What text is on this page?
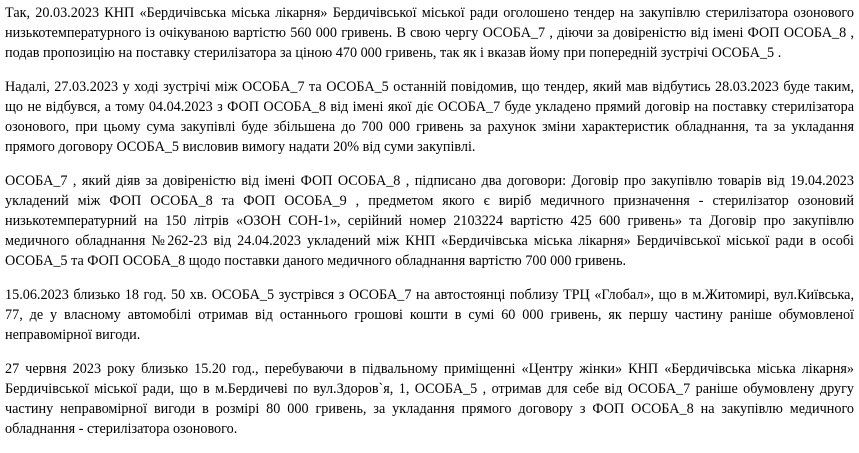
Так, 20.03.2023 КНП «Бердичівська міська лікарня» Бердичівської міської ради оголошено тендер на закупівлю стерилізатора озонового низькотемпературного із очікуваною вартістю 560 000 гривень. В свою чергу ОСОБА_7 , діючи за довіреністю від імені ФОП ОСОБА_8 , подав пропозицію на поставку стерилізатора за ціною 470 000 гривень, так як і вказав йому при попередній зустрічі ОСОБА_5 .

Надалі, 27.03.2023 у ході зустрічі між ОСОБА_7 та ОСОБА_5 останній повідомив, що тендер, який мав відбутись 28.03.2023 буде таким, що не відбувся, а тому 04.04.2023 з ФОП ОСОБА_8 від імені якої діє ОСОБА_7 буде укладено прямий договір на поставку стерилізатора озонового, при цьому сума закупівлі буде збільшена до 700 000 гривень за рахунок зміни характеристик обладнання, та за укладання прямого договору ОСОБА_5 висловив вимогу надати 20% від суми закупівлі.

ОСОБА_7 , який діяв за довіреністю від імені ФОП ОСОБА_8 , підписано два договори: Договір про закупівлю товарів від 19.04.2023 укладений між ФОП ОСОБА_8 та ФОП ОСОБА_9 , предметом якого є виріб медичного призначення - стерилізатор озоновий низькотемпературний на 150 літрів «ОЗОН СОН-1», серійний номер 2103224 вартістю 425 600 гривень» та Договір про закупівлю медичного обладнання №262-23 від 24.04.2023 укладений між КНП «Бердичівська міська лікарня» Бердичівської міської ради в особі ОСОБА_5 та ФОП ОСОБА_8 щодо поставки даного медичного обладнання вартістю 700 000 гривень.

15.06.2023 близько 18 год. 50 хв. ОСОБА_5 зустрівся з ОСОБА_7 на автостоянці поблизу ТРЦ «Глобал», що в м.Житомирі, вул.Київська, 77, де у власному автомобілі отримав від останнього грошові кошти в сумі 60 000 гривень, як першу частину раніше обумовленої неправомірної вигоди.

27 червня 2023 року близько 15.20 год., перебуваючи в підвальному приміщенні «Центру жінки» КНП «Бердичівська міська лікарня» Бердичівської міської ради, що в м.Бердичеві по вул.Здоров`я, 1, ОСОБА_5 , отримав для себе від ОСОБА_7 раніше обумовлену другу частину неправомірної вигоди в розмірі 80 000 гривень, за укладання прямого договору з ФОП ОСОБА_8 на закупівлю медичного обладнання - стерилізатора озонового.
